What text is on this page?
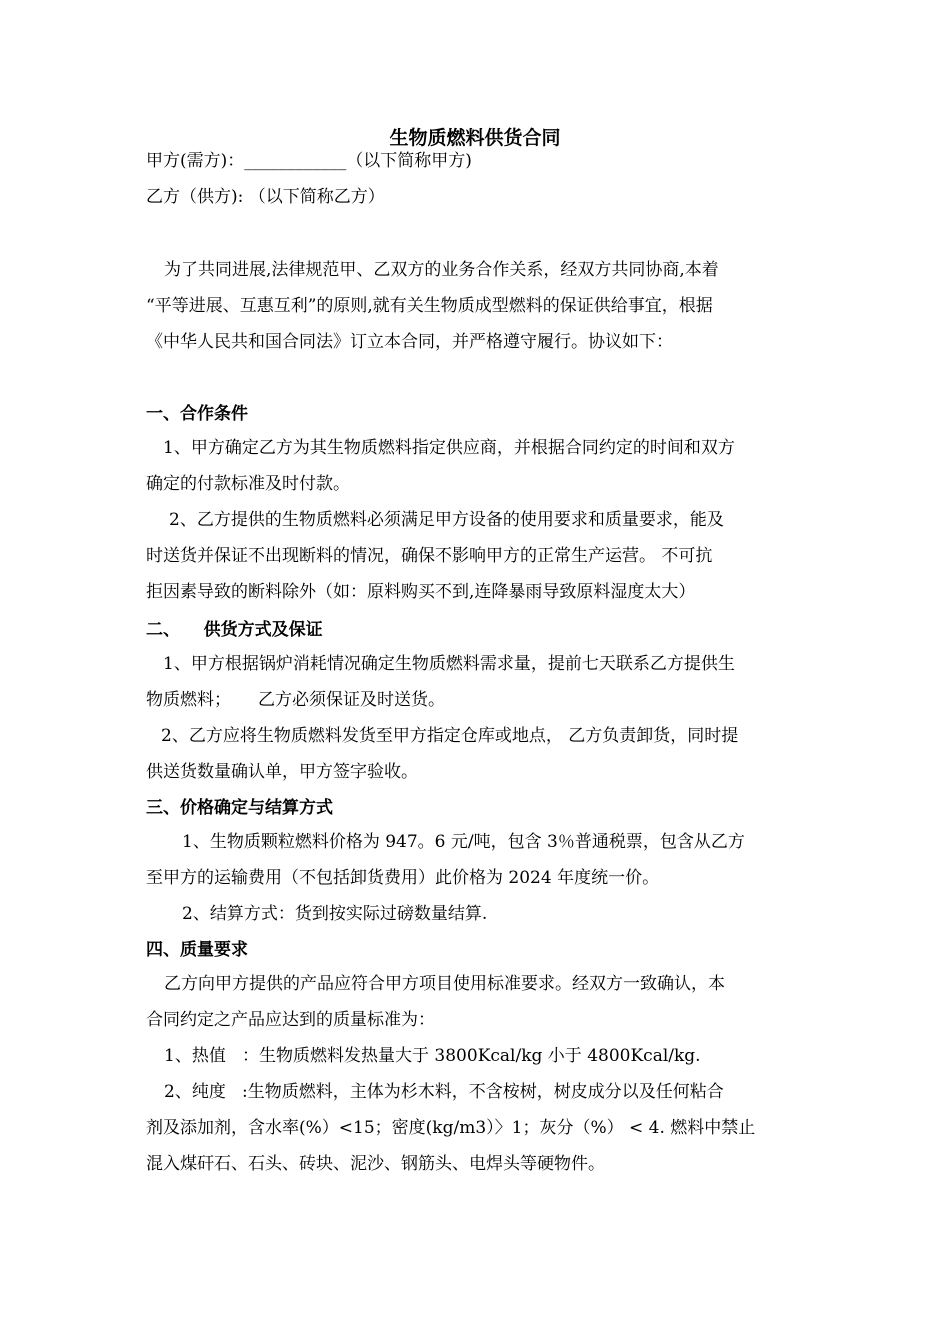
生物质燃料供货合同
甲方(需方)：____________（以下简称甲方)
乙方（供方): （以下简称乙方）
为了共同进展,法律规范甲、乙双方的业务合作关系，经双方共同协商,本着
“平等进展、互惠互利”的原则,就有关生物质成型燃料的保证供给事宜，根据
《中华人民共和国合同法》订立本合同，并严格遵守履行。协议如下：
一、合作条件
1、甲方确定乙方为其生物质燃料指定供应商，并根据合同约定的时间和双方
确定的付款标准及时付款。
2、乙方提供的生物质燃料必须满足甲方设备的使用要求和质量要求，能及
时送货并保证不出现断料的情况，确保不影响甲方的正常生产运营。 不可抗
拒因素导致的断料除外（如：原料购买不到,连降暴雨导致原料湿度太大）
二、    供货方式及保证
1、甲方根据锅炉消耗情况确定生物质燃料需求量，提前七天联系乙方提供生
物质燃料；     乙方必须保证及时送货。
2、乙方应将生物质燃料发货至甲方指定仓库或地点， 乙方负责卸货，同时提
供送货数量确认单，甲方签字验收。
三、价格确定与结算方式
1、生物质颗粒燃料价格为 947。6 元/吨，包含 3％普通税票，包含从乙方
至甲方的运输费用（不包括卸货费用）此价格为 2024 年度统一价。
2、结算方式：货到按实际过磅数量结算.
四、质量要求
乙方向甲方提供的产品应符合甲方项目使用标准要求。经双方一致确认，本
合同约定之产品应达到的质量标准为：
1、热值   ：生物质燃料发热量大于 3800Kcal/kg 小于 4800Kcal/kg.
2、纯度   :生物质燃料，主体为杉木料，不含桉树，树皮成分以及任何粘合
剂及添加剂，含水率(%）<15；密度(kg/m3）〉1；灰分（%） < 4. 燃料中禁止
混入煤矸石、石头、砖块、泥沙、钢筋头、电焊头等硬物件。
